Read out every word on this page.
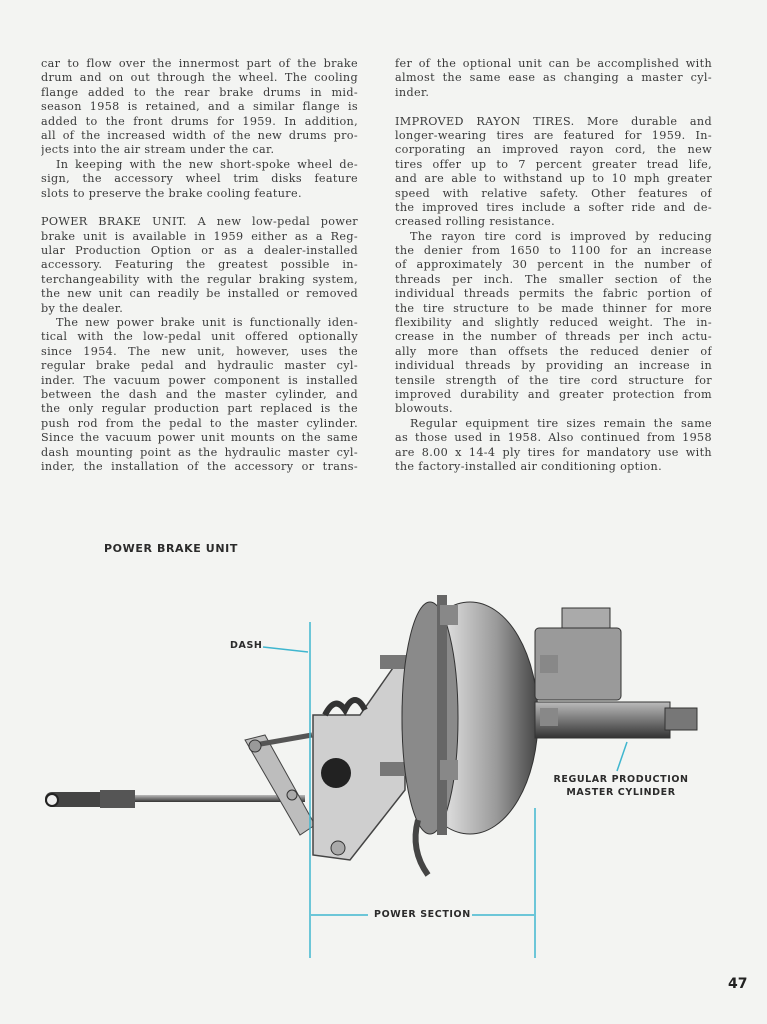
car to flow over the innermost part of the brake
drum and on out through the wheel. The cooling
flange added to the rear brake drums in mid-
season 1958 is retained, and a similar flange is
added to the front drums for 1959. In addition,
all of the increased width of the new drums pro-
jects into the air stream under the car.
In keeping with the new short-spoke wheel de-
sign, the accessory wheel trim disks feature
slots to preserve the brake cooling feature.
POWER BRAKE UNIT. A new low-pedal power
brake unit is available in 1959 either as a Reg-
ular Production Option or as a dealer-installed
accessory. Featuring the greatest possible in-
terchangeability with the regular braking system,
the new unit can readily be installed or removed
by the dealer.
The new power brake unit is functionally iden-
tical with the low-pedal unit offered optionally
since 1954. The new unit, however, uses the
regular brake pedal and hydraulic master cyl-
inder. The vacuum power component is installed
between the dash and the master cylinder, and
the only regular production part replaced is the
push rod from the pedal to the master cylinder.
Since the vacuum power unit mounts on the same
dash mounting point as the hydraulic master cyl-
inder, the installation of the accessory or trans-
fer of the optional unit can be accomplished with
almost the same ease as changing a master cyl-
inder.
IMPROVED RAYON TIRES. More durable and
longer-wearing tires are featured for 1959. In-
corporating an improved rayon cord, the new
tires offer up to 7 percent greater tread life,
and are able to withstand up to 10 mph greater
speed with relative safety. Other features of
the improved tires include a softer ride and de-
creased rolling resistance.
The rayon tire cord is improved by reducing
the denier from 1650 to 1100 for an increase
of approximately 30 percent in the number of
threads per inch. The smaller section of the
individual threads permits the fabric portion of
the tire structure to be made thinner for more
flexibility and slightly reduced weight. The in-
crease in the number of threads per inch actu-
ally more than offsets the reduced denier of
individual threads by providing an increase in
tensile strength of the tire cord structure for
improved durability and greater protection from
blowouts.
Regular equipment tire sizes remain the same
as those used in 1958. Also continued from 1958
are 8.00 x 14-4 ply tires for mandatory use with
the factory-installed air conditioning option.
POWER BRAKE UNIT
DASH
REGULAR PRODUCTION
MASTER CYLINDER
POWER SECTION
47
